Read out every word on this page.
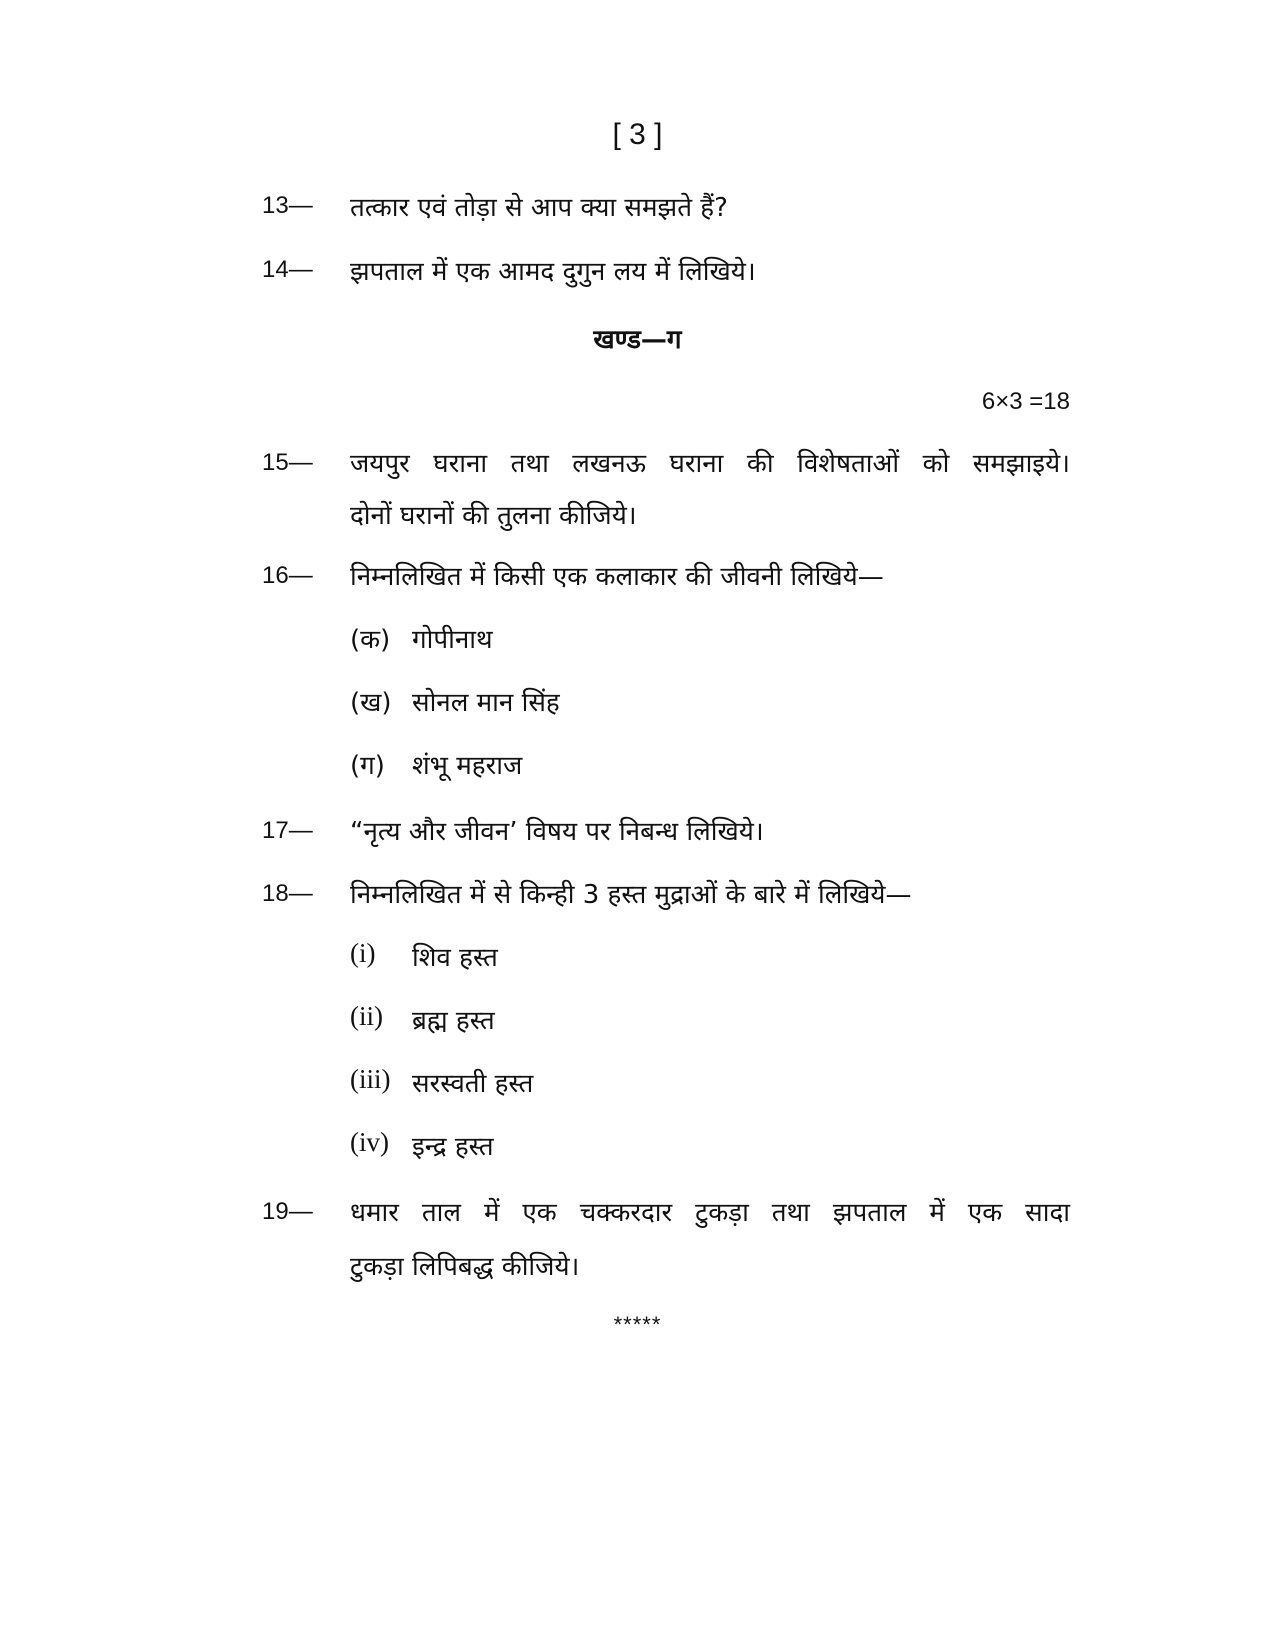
[ 3 ]
13— तत्कार एवं तोड़ा से आप क्या समझते हैं?
14— झपताल में एक आमद दुगुन लय में लिखिये।
खण्ड—ग
6×3 =18
15— जयपुर घराना तथा लखनऊ घराना की विशेषताओं को समझाइये।
दोनों घरानों की तुलना कीजिये।
16— निम्नलिखित में किसी एक कलाकार की जीवनी लिखिये—
(क) गोपीनाथ
(ख) सोनल मान सिंह
(ग) शंभू महराज
17— “नृत्य और जीवन’ विषय पर निबन्ध लिखिये।
18— निम्नलिखित में से किन्ही 3 हस्त मुद्राओं के बारे में लिखिये—
(i) शिव हस्त
(ii) ब्रह्म हस्त
(iii) सरस्वती हस्त
(iv) इन्द्र हस्त
19— धमार ताल में एक चक्करदार टुकड़ा तथा झपताल में एक सादा
टुकड़ा लिपिबद्ध कीजिये।
*****
